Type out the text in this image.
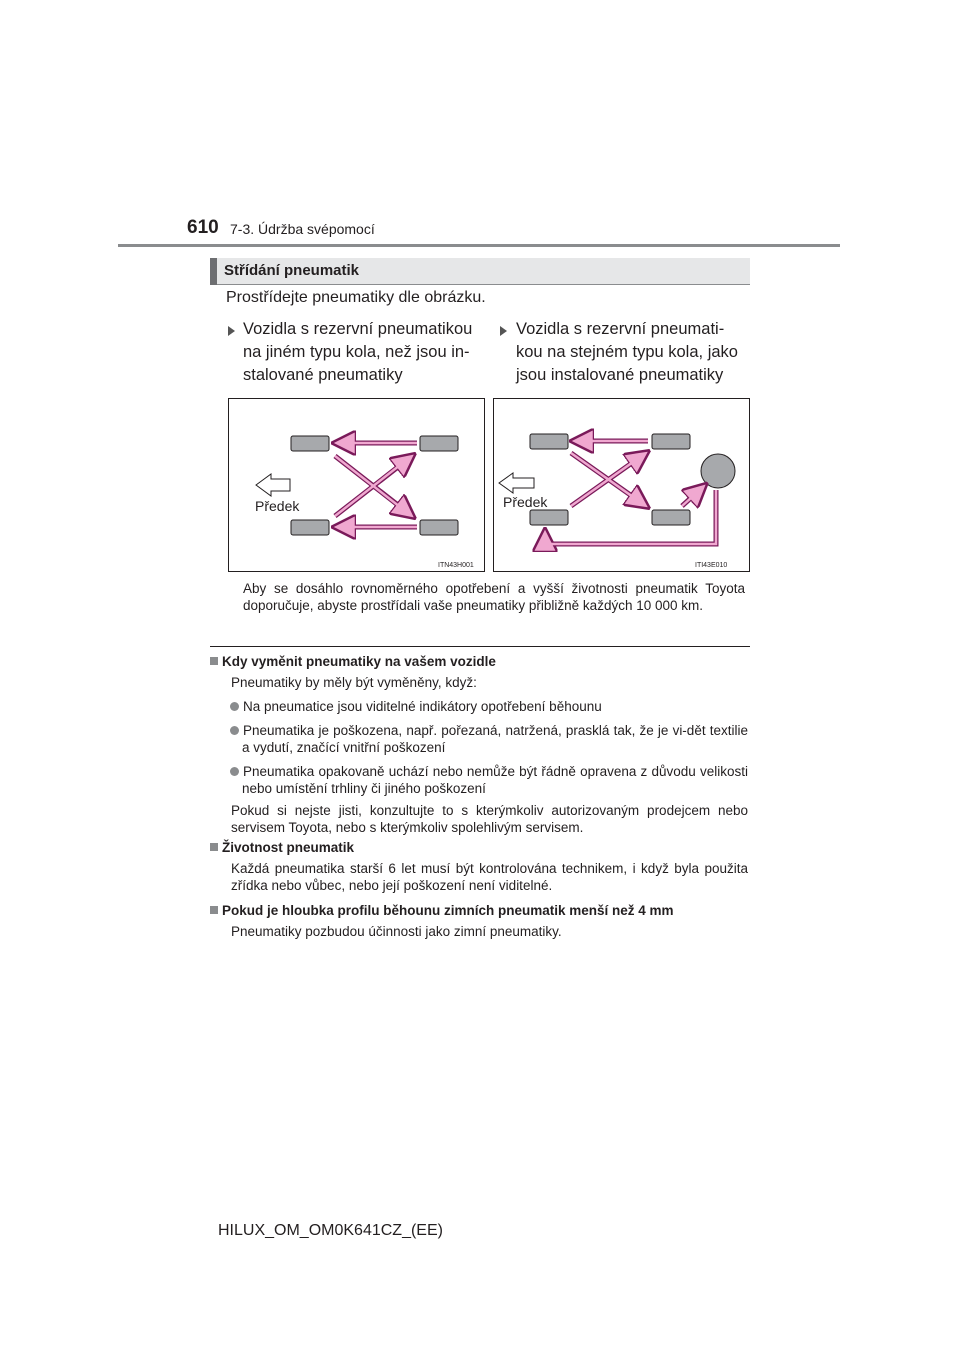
610 7-3. Údržba svépomocí
Střídání pneumatik
Prostřídejte pneumatiky dle obrázku.
Vozidla s rezervní pneumatikou
na jiném typu kola, než jsou in-
stalované pneumatiky
Vozidla s rezervní pneumati-
kou na stejném typu kola, jako
jsou instalované pneumatiky
Předek
ITN43H001
Předek
ITI43E010
Aby se dosáhlo rovnoměrného opotřebení a vyšší životnosti pneumatik Toyota doporučuje, abyste prostřídali vaše pneumatiky přibližně každých 10 000 km.
Kdy vyměnit pneumatiky na vašem vozidle
Pneumatiky by měly být vyměněny, když:
Na pneumatice jsou viditelné indikátory opotřebení běhounu
Pneumatika je poškozena, např. pořezaná, natržená, prasklá tak, že je vi-dět textilie a vydutí, značící vnitřní poškození
Pneumatika opakovaně uchází nebo nemůže být řádně opravena z důvodu velikosti nebo umístění trhliny či jiného poškození
Pokud si nejste jisti, konzultujte to s kterýmkoliv autorizovaným prodejcem nebo servisem Toyota, nebo s kterýmkoliv spolehlivým servisem.
Životnost pneumatik
Každá pneumatika starší 6 let musí být kontrolována technikem, i když byla použita zřídka nebo vůbec, nebo její poškození není viditelné.
Pokud je hloubka profilu běhounu zimních pneumatik menší než 4 mm
Pneumatiky pozbudou účinnosti jako zimní pneumatiky.
HILUX_OM_OM0K641CZ_(EE)
